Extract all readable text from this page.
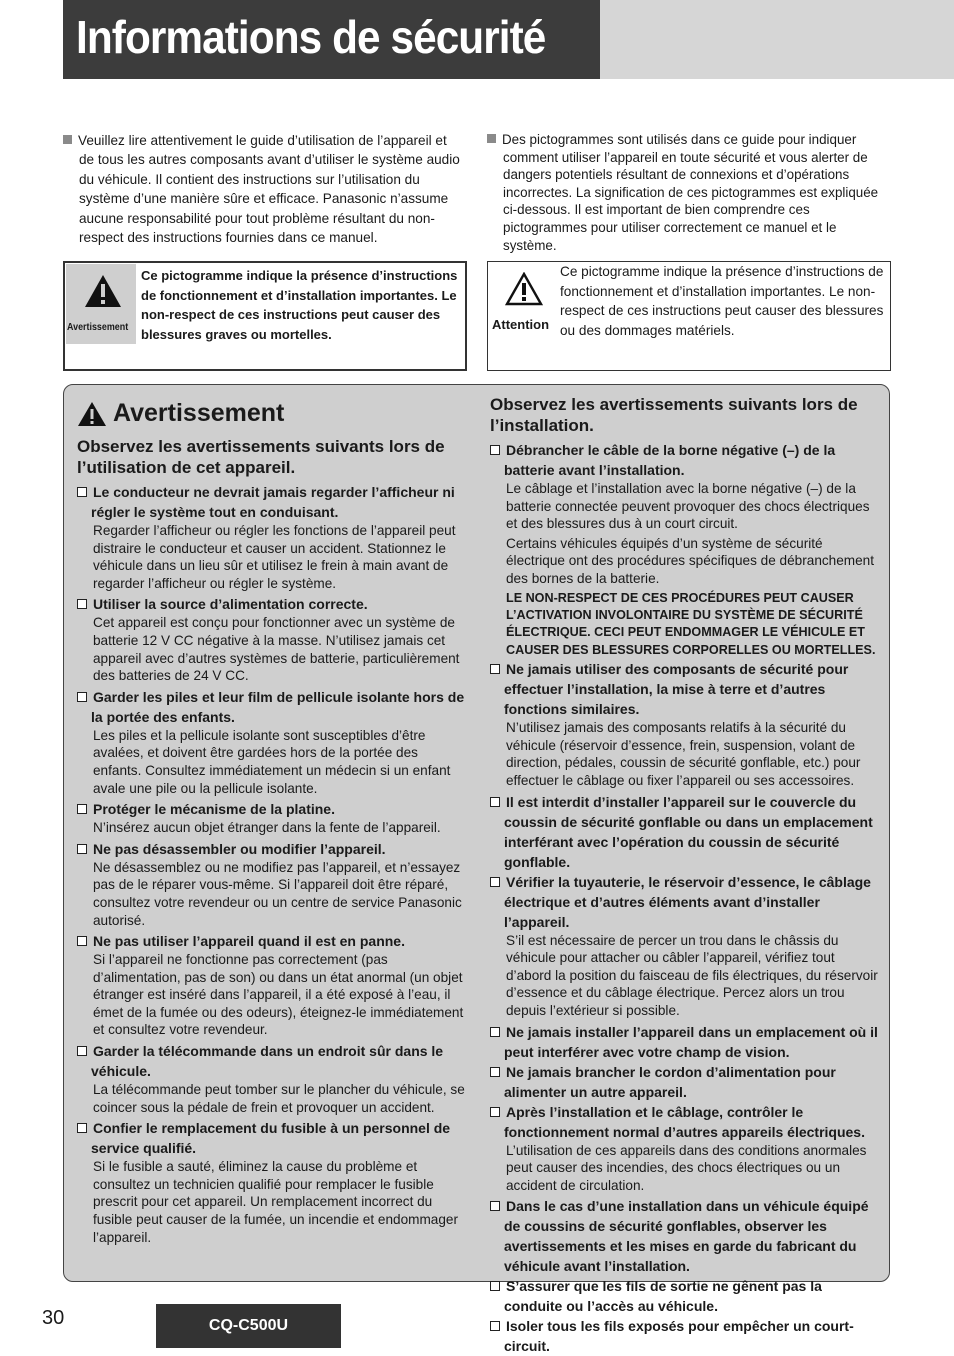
Informations de sécurité

Veuillez lire attentivement le guide d’utilisation de l’appareil et de tous les autres composants avant d’utiliser le système audio du véhicule. Il contient des instructions sur l’utilisation du système d’une manière sûre et efficace. Panasonic n’assume aucune responsabilité pour tout problème résultant du non-respect des instructions fournies dans ce manuel.

Des pictogrammes sont utilisés dans ce guide pour indiquer comment utiliser l’appareil en toute sécurité et vous alerter de dangers potentiels résultant de connexions et d’opérations incorrectes. La signification de ces pictogrammes est expliquée ci-dessous. Il est important de bien comprendre ces pictogrammes pour utiliser correctement ce manuel et le système.

Avertissement
Ce pictogramme indique la présence d’instructions de fonctionnement et d’installation importantes. Le non-respect de ces instructions peut causer des blessures graves ou mortelles.
Attention
Ce pictogramme indique la présence d’instructions de fonctionnement et d’installation importantes. Le non-respect de ces instructions peut causer des blessures ou des dommages matériels.
Avertissement
Observez les avertissements suivants lors de l’utilisation de cet appareil.
Le conducteur ne devrait jamais regarder l’afficheur ni régler le système tout en conduisant.
Regarder l’afficheur ou régler les fonctions de l’appareil peut distraire le conducteur et causer un accident. Stationnez le véhicule dans un lieu sûr et utilisez le frein à main avant de regarder l’afficheur ou régler le système.
Utiliser la source d’alimentation correcte.
Cet appareil est conçu pour fonctionner avec un système de batterie 12 V CC négative à la masse. N’utilisez jamais cet appareil avec d’autres systèmes de batterie, particulièrement des batteries de 24 V CC.
Garder les piles et leur film de pellicule isolante hors de la portée des enfants.
Les piles et la pellicule isolante sont susceptibles d’être avalées, et doivent être gardées hors de la portée des enfants. Consultez immédiatement un médecin si un enfant avale une pile ou la pellicule isolante.
Protéger le mécanisme de la platine.
N’insérez aucun objet étranger dans la fente de l’appareil.
Ne pas désassembler ou modifier l’appareil.
Ne désassemblez ou ne modifiez pas l’appareil, et n’essayez pas de le réparer vous-même. Si l’appareil doit être réparé, consultez votre revendeur ou un centre de service Panasonic autorisé.
Ne pas utiliser l’appareil quand il est en panne.
Si l’appareil ne fonctionne pas correctement (pas d’alimentation, pas de son) ou dans un état anormal (un objet étranger est inséré dans l’appareil, il a été exposé à l’eau, il émet de la fumée ou des odeurs), éteignez-le immédiatement et consultez votre revendeur.
Garder la télécommande dans un endroit sûr dans le véhicule.
La télécommande peut tomber sur le plancher du véhicule, se coincer sous la pédale de frein et provoquer un accident.
Confier le remplacement du fusible à un personnel de service qualifié.
Si le fusible a sauté, éliminez la cause du problème et consultez un technicien qualifié pour remplacer le fusible prescrit pour cet appareil. Un remplacement incorrect du fusible peut causer de la fumée, un incendie et endommager l’appareil.
Observez les avertissements suivants lors de l’installation.
Débrancher le câble de la borne négative (–) de la batterie avant l’installation.
Le câblage et l’installation avec la borne négative (–) de la batterie connectée peuvent provoquer des chocs électriques et des blessures dus à un court circuit.
Certains véhicules équipés d’un système de sécurité électrique ont des procédures spécifiques de débranchement des bornes de la batterie.
LE NON-RESPECT DE CES PROCÉDURES PEUT CAUSER L’ACTIVATION INVOLONTAIRE DU SYSTÈME DE SÉCURITÉ ÉLECTRIQUE. CECI PEUT ENDOMMAGER LE VÉHICULE ET CAUSER DES BLESSURES CORPORELLES OU MORTELLES.
Ne jamais utiliser des composants de sécurité pour effectuer l’installation, la mise à terre et d’autres fonctions similaires.
N’utilisez jamais des composants relatifs à la sécurité du véhicule (réservoir d’essence, frein, suspension, volant de direction, pédales, coussin de sécurité gonflable, etc.) pour effectuer le câblage ou fixer l’appareil ou ses accessoires.
Il est interdit d’installer l’appareil sur le couvercle du coussin de sécurité gonflable ou dans un emplacement interférant avec l’opération du coussin de sécurité gonflable.
Vérifier la tuyauterie, le réservoir d’essence, le câblage électrique et d’autres éléments avant d’installer l’appareil.
S’il est nécessaire de percer un trou dans le châssis du véhicule pour attacher ou câbler l’appareil, vérifiez tout d’abord la position du faisceau de fils électriques, du réservoir d’essence et du câblage électrique. Percez alors un trou depuis l’extérieur si possible.
Ne jamais installer l’appareil dans un emplacement où il peut interférer avec votre champ de vision.
Ne jamais brancher le cordon d’alimentation pour alimenter un autre appareil.
Après l’installation et le câblage, contrôler le fonctionnement normal d’autres appareils électriques.
L’utilisation de ces appareils dans des conditions anormales peut causer des incendies, des chocs électriques ou un accident de circulation.
Dans le cas d’une installation dans un véhicule équipé de coussins de sécurité gonflables, observer les avertissements et les mises en garde du fabricant du véhicule avant l’installation.
S’assurer que les fils de sortie ne gênent pas la conduite ou l’accès au véhicule.
Isoler tous les fils exposés pour empêcher un court-circuit.
30	CQ-C500U
